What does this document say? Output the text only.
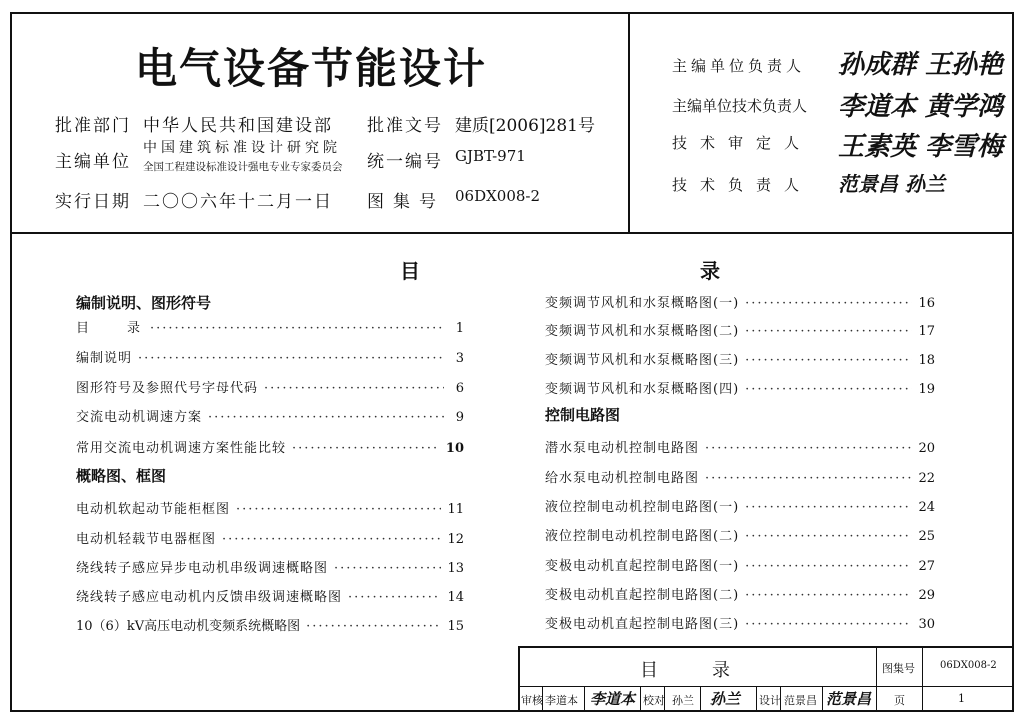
电气设备节能设计
批准部门 中华人民共和国建设部
主编单位
中国建筑标准设计研究院
全国工程建设标准设计强电专业专家委员会
实行日期 二〇〇六年十二月一日
批准文号 建质[2006]281号
统一编号 GJBT-971
图集号 06DX008-2
主编单位负责人 孙成群 王孙艳
主编单位技术负责人 李道本 黄学鸿
技术审定人 王素英 李雪梅
技术负责人 范景昌 孙兰
目　　　　　　　　　　　　　　录
编制说明、图形符号
目　　录 ·····	1
编制说明 ·····	3
图形符号及参照代号字母代码 ·····	6
交流电动机调速方案 ·····	9
常用交流电动机调速方案性能比较 ·····	10
概略图、框图
电动机软起动节能柜框图 ·····	11
电动机轻载节电器框图 ·····	12
绕线转子感应异步电动机串级调速概略图 ·····	13
绕线转子感应电动机内反馈串级调速概略图 ·····	14
10（6）kV高压电动机变频系统概略图 ·····	15
变频调节风机和水泵概略图(一) ·····	16
变频调节风机和水泵概略图(二) ·····	17
变频调节风机和水泵概略图(三) ·····	18
变频调节风机和水泵概略图(四) ·····	19
控制电路图
潜水泵电动机控制电路图 ·····	20
给水泵电动机控制电路图 ·····	22
液位控制电动机控制电路图(一) ·····	24
液位控制电动机控制电路图(二) ·····	25
变极电动机直起控制电路图(一) ·····	27
变极电动机直起控制电路图(二) ·····	29
变极电动机直起控制电路图(三) ·····	30
目　　　录	图集号	06DX008-2
审核 李道本 李道本 校对 孙兰 孙兰 设计 范景昌 范景昌 页	1
